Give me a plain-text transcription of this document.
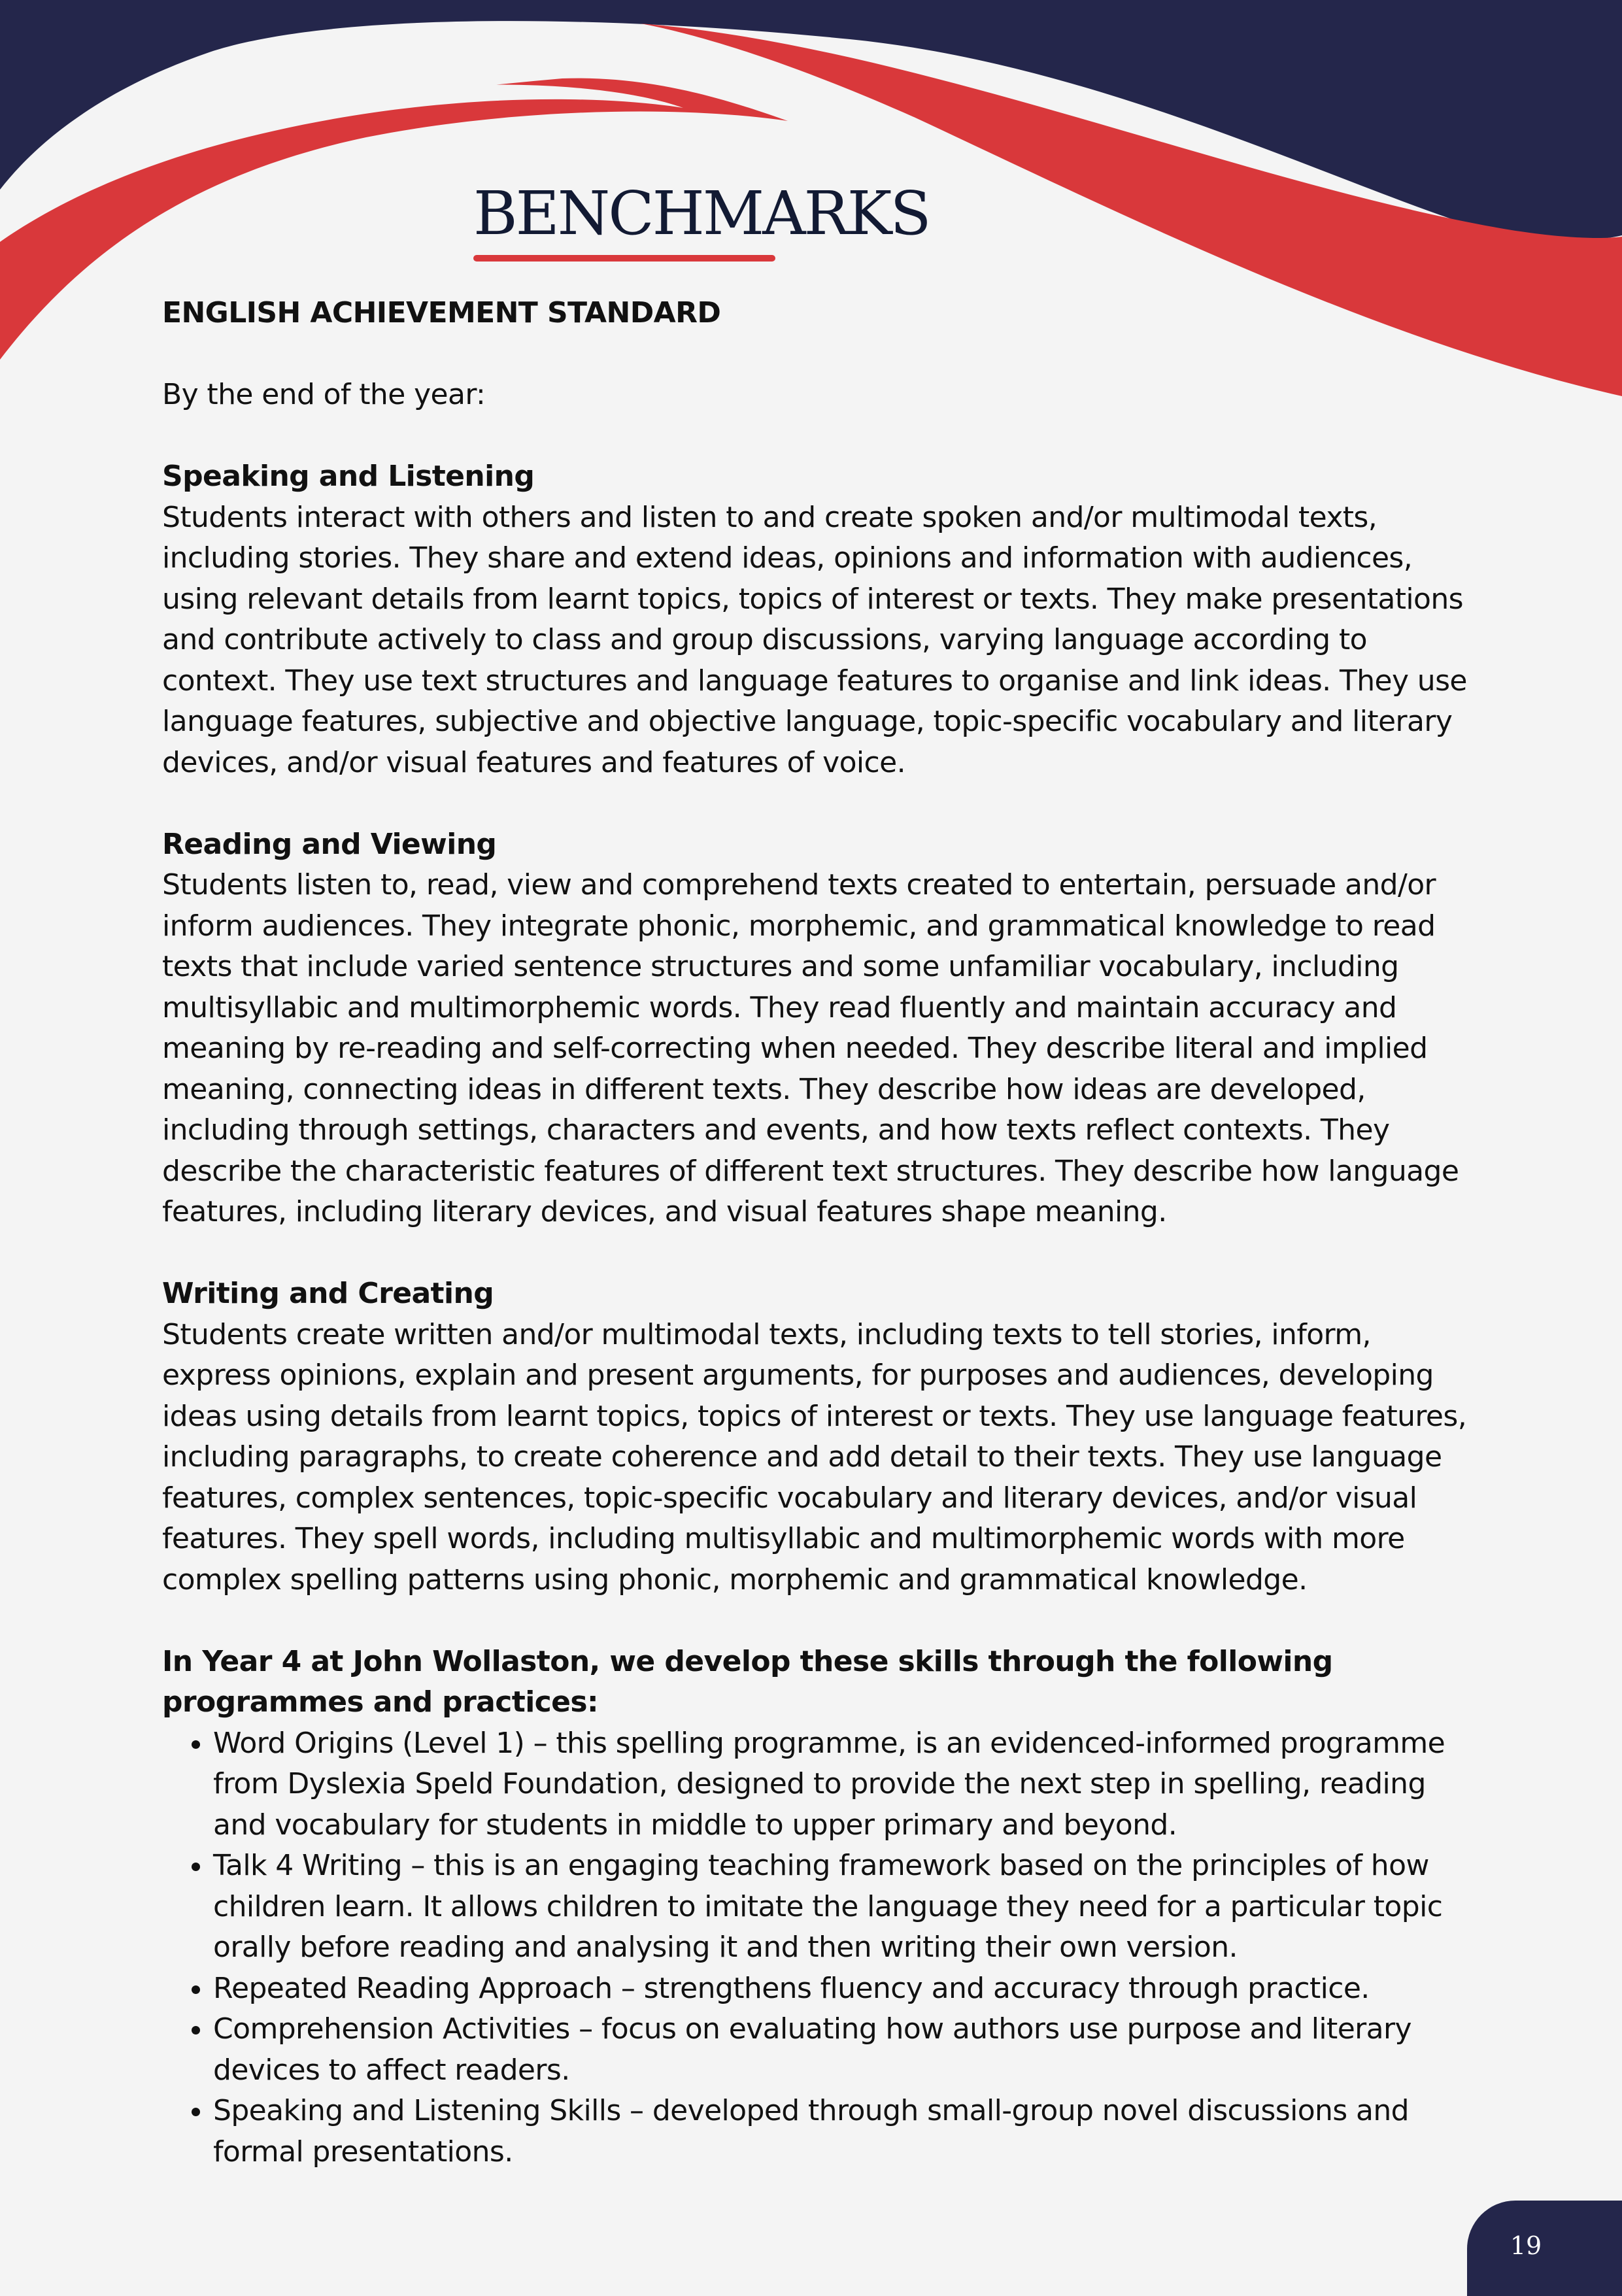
BENCHMARKS

ENGLISH ACHIEVEMENT STANDARD

By the end of the year:

Speaking and Listening

Students interact with others and listen to and create spoken and/or multimodal texts, including stories. They share and extend ideas, opinions and information with audiences, using relevant details from learnt topics, topics of interest or texts. They make presentations and contribute actively to class and group discussions, varying language according to context. They use text structures and language features to organise and link ideas. They use language features, subjective and objective language, topic-specific vocabulary and literary devices, and/or visual features and features of voice.

Reading and Viewing

Students listen to, read, view and comprehend texts created to entertain, persuade and/or inform audiences. They integrate phonic, morphemic, and grammatical knowledge to read texts that include varied sentence structures and some unfamiliar vocabulary, including multisyllabic and multimorphemic words. They read fluently and maintain accuracy and meaning by re-reading and self-correcting when needed. They describe literal and implied meaning, connecting ideas in different texts. They describe how ideas are developed, including through settings, characters and events, and how texts reflect contexts. They describe the characteristic features of different text structures. They describe how language features, including literary devices, and visual features shape meaning.

Writing and Creating

Students create written and/or multimodal texts, including texts to tell stories, inform, express opinions, explain and present arguments, for purposes and audiences, developing ideas using details from learnt topics, topics of interest or texts. They use language features, including paragraphs, to create coherence and add detail to their texts. They use language features, complex sentences, topic-specific vocabulary and literary devices, and/or visual features. They spell words, including multisyllabic and multimorphemic words with more complex spelling patterns using phonic, morphemic and grammatical knowledge.

In Year 4 at John Wollaston, we develop these skills through the following programmes and practices:

• Word Origins (Level 1) – this spelling programme, is an evidenced-informed programme from Dyslexia Speld Foundation, designed to provide the next step in spelling, reading and vocabulary for students in middle to upper primary and beyond.
• Talk 4 Writing – this is an engaging teaching framework based on the principles of how children learn. It allows children to imitate the language they need for a particular topic orally before reading and analysing it and then writing their own version.
• Repeated Reading Approach – strengthens fluency and accuracy through practice.
• Comprehension Activities – focus on evaluating how authors use purpose and literary devices to affect readers.
• Speaking and Listening Skills – developed through small-group novel discussions and formal presentations.
19
